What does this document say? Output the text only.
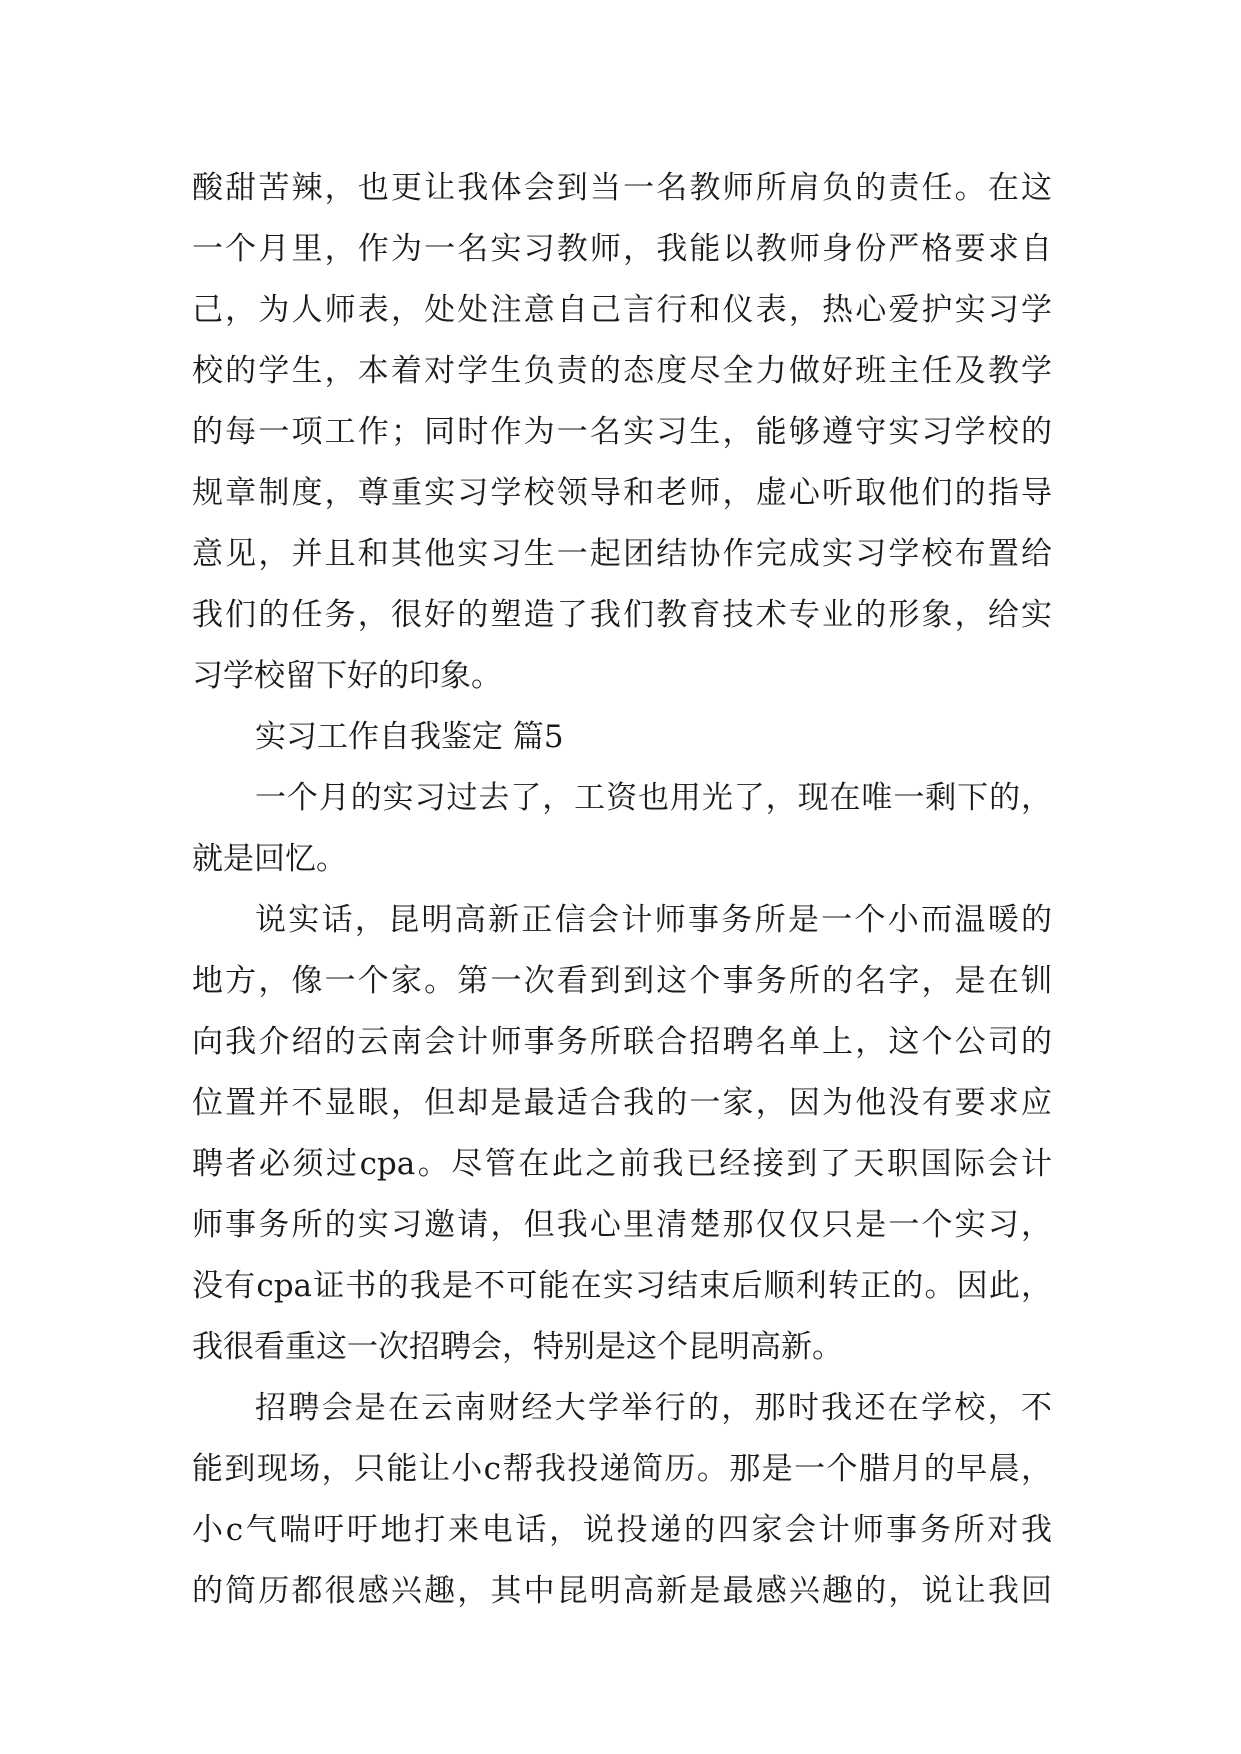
酸甜苦辣，也更让我体会到当一名教师所肩负的责任。在这
一个月里，作为一名实习教师，我能以教师身份严格要求自
己，为人师表，处处注意自己言行和仪表，热心爱护实习学
校的学生，本着对学生负责的态度尽全力做好班主任及教学
的每一项工作；同时作为一名实习生，能够遵守实习学校的
规章制度，尊重实习学校领导和老师，虚心听取他们的指导
意见，并且和其他实习生一起团结协作完成实习学校布置给
我们的任务，很好的塑造了我们教育技术专业的形象，给实
习学校留下好的印象。
实习工作自我鉴定 篇5
一个月的实习过去了，工资也用光了，现在唯一剩下的，
就是回忆。
说实话，昆明高新正信会计师事务所是一个小而温暖的
地方，像一个家。第一次看到到这个事务所的名字，是在钏
向我介绍的云南会计师事务所联合招聘名单上，这个公司的
位置并不显眼，但却是最适合我的一家，因为他没有要求应
聘者必须过cpa。尽管在此之前我已经接到了天职国际会计
师事务所的实习邀请，但我心里清楚那仅仅只是一个实习，
没有cpa证书的我是不可能在实习结束后顺利转正的。因此，
我很看重这一次招聘会，特别是这个昆明高新。
招聘会是在云南财经大学举行的，那时我还在学校，不
能到现场，只能让小c帮我投递简历。那是一个腊月的早晨，
小c气喘吁吁地打来电话，说投递的四家会计师事务所对我
的简历都很感兴趣，其中昆明高新是最感兴趣的，说让我回
